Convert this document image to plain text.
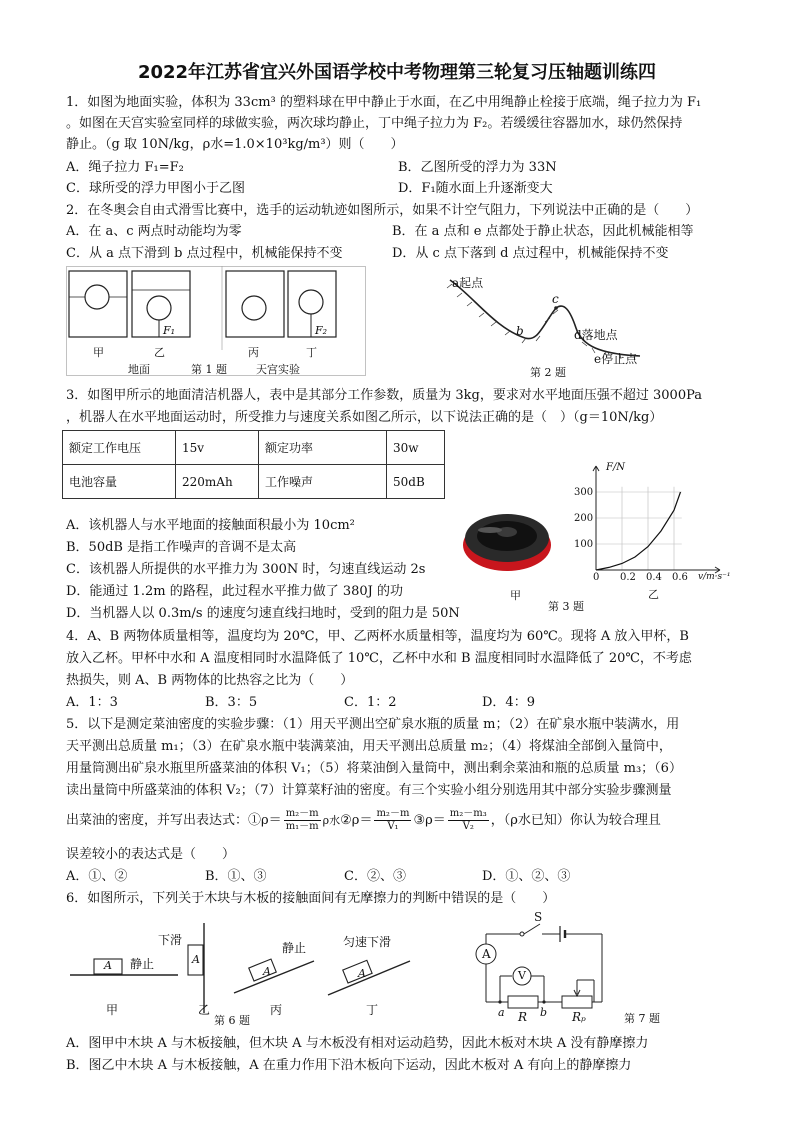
2022年江苏省宜兴外国语学校中考物理第三轮复习压轴题训练四
1．如图为地面实验，体积为 33cm³ 的塑料球在甲中静止于水面，在乙中用绳静止栓接于底端，绳子拉力为 F₁
。如图在天宫实验室同样的球做实验，两次球均静止，丁中绳子拉力为 F₂。若缓缓往容器加水，球仍然保持
静止。（g 取 10N/kg，ρ水=1.0×10³kg/m³）则（　　）
A．绳子拉力 F₁=F₂	B．乙图所受的浮力为 33N
C．球所受的浮力甲图小于乙图	D．F₁随水面上升逐渐变大
2．在冬奥会自由式滑雪比赛中，选手的运动轨迹如图所示，如果不计空气阻力，下列说法中正确的是（　　）
A．在 a、c 两点时动能均为零	B．在 a 点和 e 点都处于静止状态，因此机械能相等
C．从 a 点下滑到 b 点过程中，机械能保持不变	D．从 c 点下落到 d 点过程中，机械能保持不变
F₁	F₂
甲	乙	丙	丁
地面	第 1 题	天宫实验
a起点
b
c
d落地点
e停止点
第 2 题
3．如图甲所示的地面清洁机器人，表中是其部分工作参数，质量为 3kg，要求对水平地面压强不超过 3000Pa
，机器人在水平地面运动时，所受推力与速度关系如图乙所示，以下说法正确的是（　）（g＝10N/kg）
额定工作电压	15v	额定功率	30w
电池容量	220mAh	工作噪声	50dB
A．该机器人与水平地面的接触面积最小为 10cm²
B．50dB 是指工作噪声的音调不是太高
C．该机器人所提供的水平推力为 300N 时，匀速直线运动 2s
D．能通过 1.2m 的路程，此过程水平推力做了 380J 的功
D．当机器人以 0.3m/s 的速度匀速直线扫地时，受到的阻力是 50N
甲
F/N
300
200
100
0 0.2 0.4 0.6 v/m·s⁻¹
第 3 题
乙
4．A、B 两物体质量相等，温度均为 20℃，甲、乙两杯水质量相等，温度均为 60℃。现将 A 放入甲杯，B
放入乙杯。甲杯中水和 A 温度相同时水温降低了 10℃，乙杯中水和 B 温度相同时水温降低了 20℃，不考虑
热损失，则 A、B 两物体的比热容之比为（　　）
A．1：3	B．3：5	C．1：2	D．4：9
5．以下是测定菜油密度的实验步骤：（1）用天平测出空矿泉水瓶的质量 m；（2）在矿泉水瓶中装满水，用
天平测出总质量 m₁；（3）在矿泉水瓶中装满菜油，用天平测出总质量 m₂；（4）将煤油全部倒入量筒中，
用量筒测出矿泉水瓶里所盛菜油的体积 V₁；（5）将菜油倒入量筒中，测出剩余菜油和瓶的总质量 m₃；（6）
读出量筒中所盛菜油的体积 V₂；（7）计算菜籽油的密度。有三个实验小组分别选用其中部分实验步骤测量
出菜油的密度，并写出表达式：①ρ＝ $\frac{\text{m₂－m}}{\text{m₁－m}}$ ρ水②ρ＝ $\frac{\text{m₂－m}}{\text{V₁}}$ ③ρ＝ $\frac{\text{m₂－m₃}}{\text{V₂}}$ ，（ρ水已知）你认为较合理且
误差较小的表达式是（　　）
A．①、②	B．①、③	C．②、③	D．①、②、③
6．如图所示，下列关于木块与木板的接触面间有无摩擦力的判断中错误的是（　　）
A 静止	A
下滑
A
静止
A
匀速下滑
甲	乙
第 6 题
丙	丁
S
A
V
a R b Rₚ	第 7 题
A．图甲中木块 A 与木板接触，但木块 A 与木板没有相对运动趋势，因此木板对木块 A 没有静摩擦力
B．图乙中木块 A 与木板接触，A 在重力作用下沿木板向下运动，因此木板对 A 有向上的静摩擦力
